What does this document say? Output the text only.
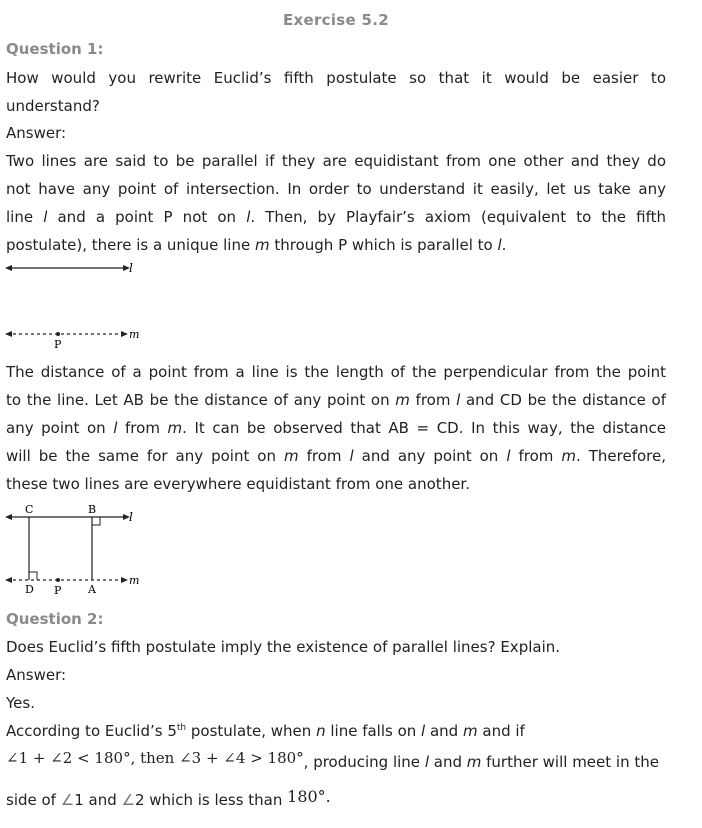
Exercise 5.2
Question 1:
How would you rewrite Euclid’s fifth postulate so that it would be easier to
understand?
Answer:
Two lines are said to be parallel if they are equidistant from one other and they do
not have any point of intersection. In order to understand it easily, let us take any
line l and a point P not on l. Then, by Playfair’s axiom (equivalent to the fifth
postulate), there is a unique line m through P which is parallel to l.
l
m
P
The distance of a point from a line is the length of the perpendicular from the point
to the line. Let AB be the distance of any point on m from l and CD be the distance of
any point on l from m. It can be observed that AB = CD. In this way, the distance
will be the same for any point on m from l and any point on l from m. Therefore,
these two lines are everywhere equidistant from one another.
l
m
C	B
D P A
Question 2:
Does Euclid’s fifth postulate imply the existence of parallel lines? Explain.
Answer:
Yes.
According to Euclid’s 5th postulate, when n line falls on l and m and if
∠1 + ∠2 < 180°, then ∠3 + ∠4 > 180°, producing line l and m further will meet in the
side of ∠1 and ∠2 which is less than 180°.
